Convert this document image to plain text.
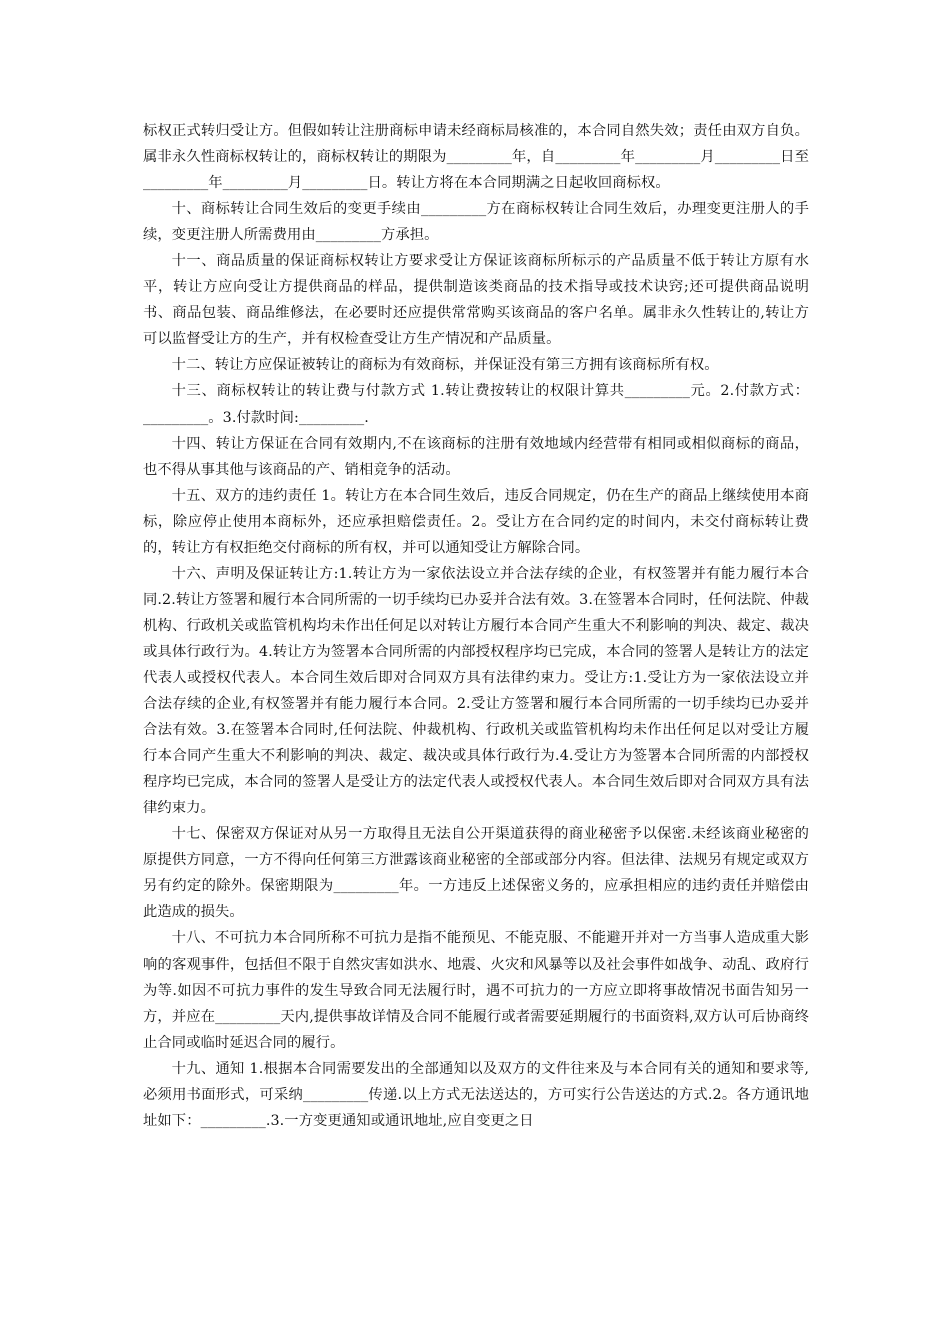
标权正式转归受让方。但假如转让注册商标申请未经商标局核准的，本合同自然失效；责任由双方自负。属非永久性商标权转让的，商标权转让的期限为_________年，自_________年_________月_________日至_________年_________月_________日。转让方将在本合同期满之日起收回商标权。

十、商标转让合同生效后的变更手续由_________方在商标权转让合同生效后，办理变更注册人的手续，变更注册人所需费用由_________方承担。

十一、商品质量的保证商标权转让方要求受让方保证该商标所标示的产品质量不低于转让方原有水平，转让方应向受让方提供商品的样品，提供制造该类商品的技术指导或技术诀窍;还可提供商品说明书、商品包装、商品维修法，在必要时还应提供常常购买该商品的客户名单。属非永久性转让的,转让方可以监督受让方的生产，并有权检查受让方生产情况和产品质量。

十二、转让方应保证被转让的商标为有效商标，并保证没有第三方拥有该商标所有权。

十三、商标权转让的转让费与付款方式 1.转让费按转让的权限计算共_________元。2.付款方式：_________。3.付款时间:_________.

十四、转让方保证在合同有效期内,不在该商标的注册有效地域内经营带有相同或相似商标的商品，也不得从事其他与该商品的产、销相竞争的活动。

十五、双方的违约责任 1。转让方在本合同生效后，违反合同规定，仍在生产的商品上继续使用本商标，除应停止使用本商标外，还应承担赔偿责任。2。受让方在合同约定的时间内，未交付商标转让费的，转让方有权拒绝交付商标的所有权，并可以通知受让方解除合同。

十六、声明及保证转让方:1.转让方为一家依法设立并合法存续的企业，有权签署并有能力履行本合同.2.转让方签署和履行本合同所需的一切手续均已办妥并合法有效。3.在签署本合同时，任何法院、仲裁机构、行政机关或监管机构均未作出任何足以对转让方履行本合同产生重大不利影响的判决、裁定、裁决或具体行政行为。4.转让方为签署本合同所需的内部授权程序均已完成，本合同的签署人是转让方的法定代表人或授权代表人。本合同生效后即对合同双方具有法律约束力。受让方:1.受让方为一家依法设立并合法存续的企业,有权签署并有能力履行本合同。2.受让方签署和履行本合同所需的一切手续均已办妥并合法有效。3.在签署本合同时,任何法院、仲裁机构、行政机关或监管机构均未作出任何足以对受让方履行本合同产生重大不利影响的判决、裁定、裁决或具体行政行为.4.受让方为签署本合同所需的内部授权程序均已完成，本合同的签署人是受让方的法定代表人或授权代表人。本合同生效后即对合同双方具有法律约束力。

十七、保密双方保证对从另一方取得且无法自公开渠道获得的商业秘密予以保密.未经该商业秘密的原提供方同意，一方不得向任何第三方泄露该商业秘密的全部或部分内容。但法律、法规另有规定或双方另有约定的除外。保密期限为_________年。一方违反上述保密义务的，应承担相应的违约责任并赔偿由此造成的损失。

十八、不可抗力本合同所称不可抗力是指不能预见、不能克服、不能避开并对一方当事人造成重大影响的客观事件，包括但不限于自然灾害如洪水、地震、火灾和风暴等以及社会事件如战争、动乱、政府行为等.如因不可抗力事件的发生导致合同无法履行时，遇不可抗力的一方应立即将事故情况书面告知另一方，并应在_________天内,提供事故详情及合同不能履行或者需要延期履行的书面资料,双方认可后协商终止合同或临时延迟合同的履行。

十九、通知 1.根据本合同需要发出的全部通知以及双方的文件往来及与本合同有关的通知和要求等,必须用书面形式，可采纳_________传递.以上方式无法送达的，方可实行公告送达的方式.2。各方通讯地址如下：_________.3.一方变更通知或通讯地址,应自变更之日
